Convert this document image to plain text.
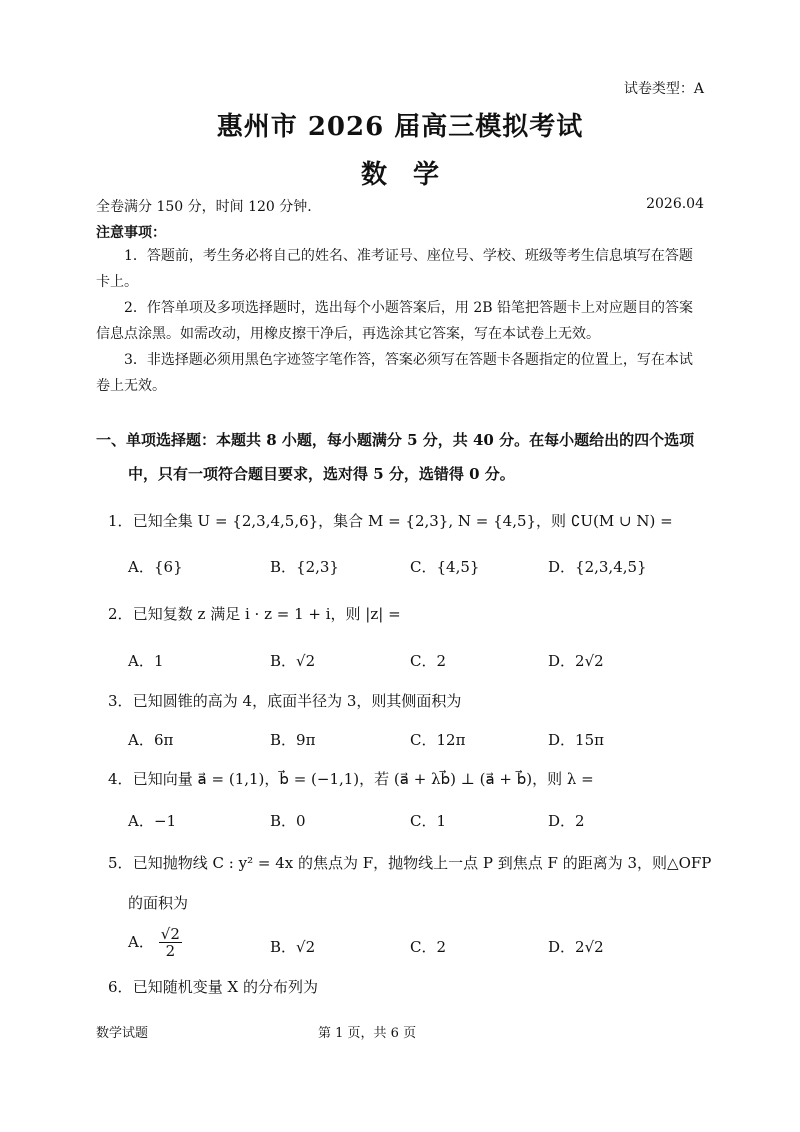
试卷类型：A
惠州市 2026 届高三模拟考试
数　学
全卷满分 150 分，时间 120 分钟.	2026.04
注意事项：
1．答题前，考生务必将自己的姓名、准考证号、座位号、学校、班级等考生信息填写在答题卡上。
2．作答单项及多项选择题时，选出每个小题答案后，用 2B 铅笔把答题卡上对应题目的答案信息点涂黑。如需改动，用橡皮擦干净后，再选涂其它答案，写在本试卷上无效。
3．非选择题必须用黑色字迹签字笔作答，答案必须写在答题卡各题指定的位置上，写在本试卷上无效。
一、单项选择题：本题共 8 小题，每小题满分 5 分，共 40 分。在每小题给出的四个选项
中，只有一项符合题目要求，选对得 5 分，选错得 0 分。
1． 已知全集 U = {2,3,4,5,6}，集合 M = {2,3}, N = {4,5}，则 ∁U(M ∪ N) =
A．{6}	B．{2,3}	C．{4,5}	D．{2,3,4,5}
2． 已知复数 z 满足 i · z = 1 + i，则 |z| =
A．1	B．√2	C．2	D．2√2
3． 已知圆锥的高为 4，底面半径为 3，则其侧面积为
A．6π	B．9π	C．12π	D．15π
4． 已知向量 a⃗ = (1,1)，b⃗ = (−1,1)，若 (a⃗ + λb⃗) ⊥ (a⃗ + b⃗)，则 λ =
A．−1	B．0	C．1	D．2
5． 已知抛物线 C : y² = 4x 的焦点为 F，抛物线上一点 P 到焦点 F 的距离为 3，则△OFP
的面积为
A． $\frac{√2}{2}$	B．√2	C．2	D．2√2
6． 已知随机变量 X 的分布列为
数学试题	第 1 页，共 6 页
